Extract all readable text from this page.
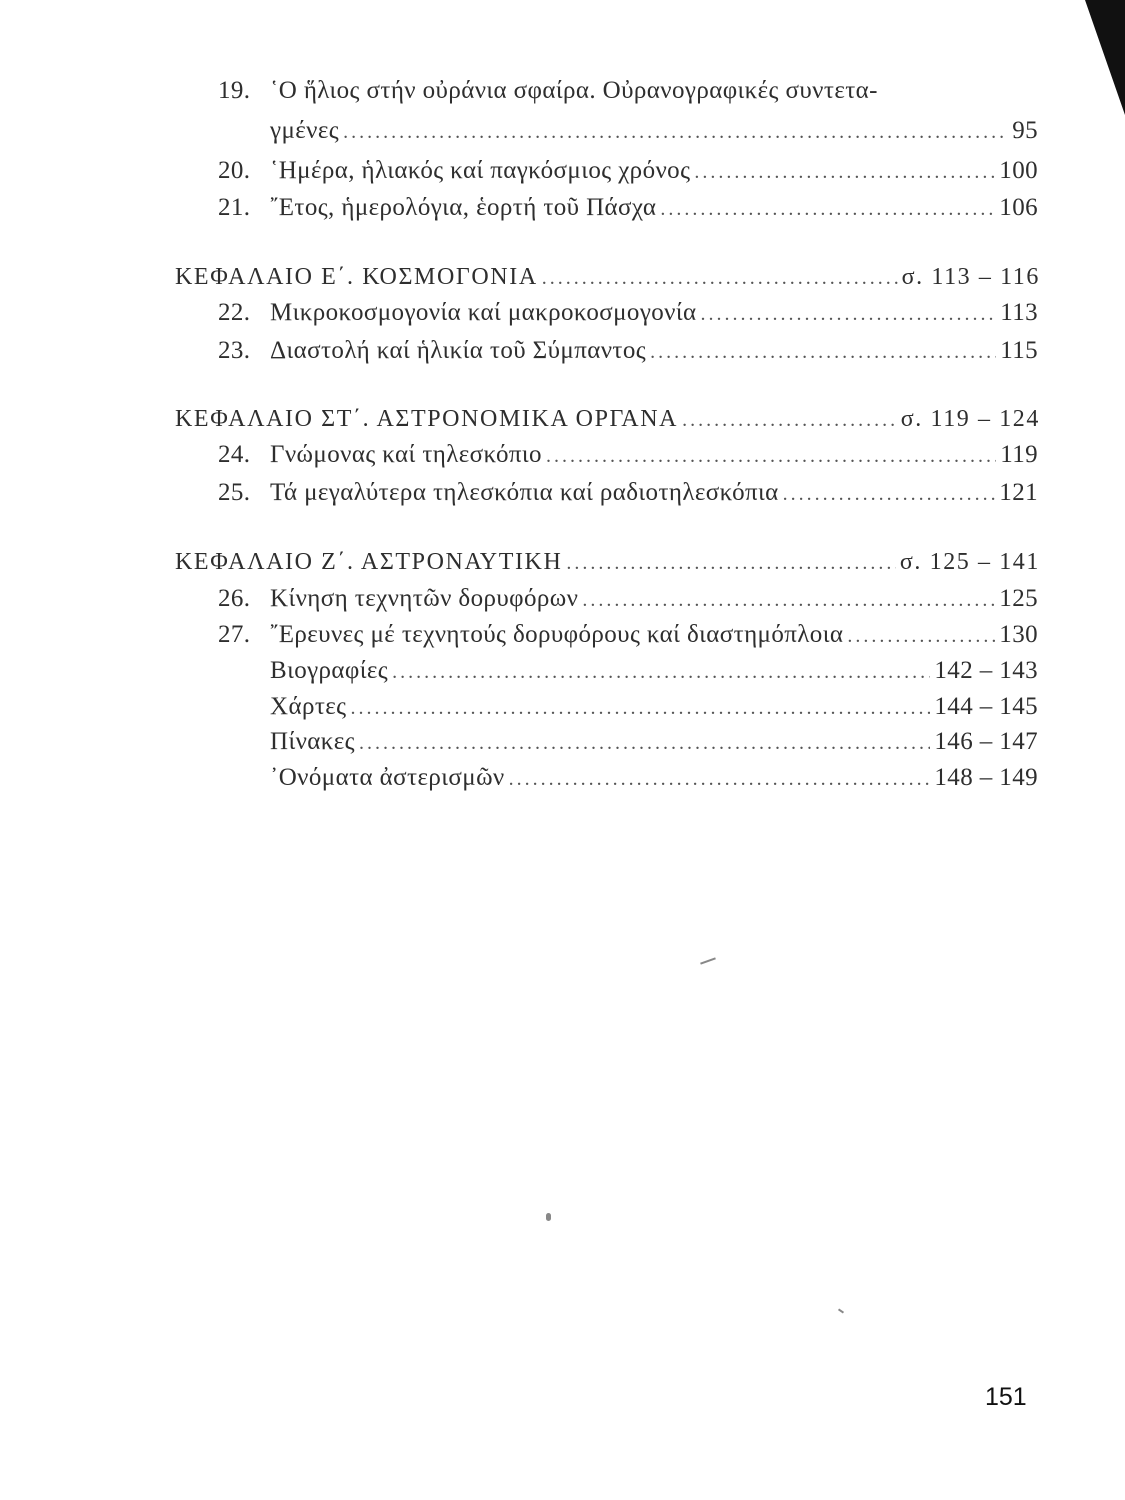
19. ῾Ο ἥλιος στήν οὐράνια σφαίρα. Οὐρανογραφικές συντετα-
γμένες .....	95
20. ῾Ημέρα, ἡλιακός καί παγκόσμιος χρόνος .....	100
21. ῎Ετος, ἡμερολόγια, ἑορτή τοῦ Πάσχα .....	106
ΚΕΦΑΛΑΙΟ Ε΄. ΚΟΣΜΟΓΟΝΙΑ .....	σ. 113 – 116
22. Μικροκοσμογονία καί μακροκοσμογονία .....	113
23. Διαστολή καί ἡλικία τοῦ Σύμπαντος .....	115
ΚΕΦΑΛΑΙΟ ΣΤ΄. ΑΣΤΡΟΝΟΜΙΚΑ ΟΡΓΑΝΑ .....	σ. 119 – 124
24. Γνώμονας καί τηλεσκόπιο .....	119
25. Τά μεγαλύτερα τηλεσκόπια καί ραδιοτηλεσκόπια .....	121
ΚΕΦΑΛΑΙΟ Ζ΄. ΑΣΤΡΟΝΑΥΤΙΚΗ .....	σ. 125 – 141
26. Κίνηση τεχνητῶν δορυφόρων .....	125
27. ῎Ερευνες μέ τεχνητούς δορυφόρους καί διαστημόπλοια .....	130
Βιογραφίες .....	142 – 143
Χάρτες .....	144 – 145
Πίνακες .....	146 – 147
᾿Ονόματα ἀστερισμῶν .....	148 – 149
151
